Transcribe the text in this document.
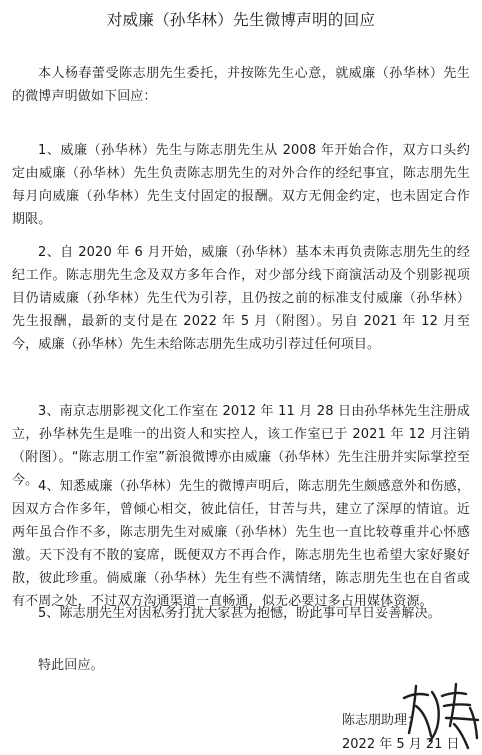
对威廉（孙华林）先生微博声明的回应

本人杨春蕾受陈志朋先生委托，并按陈先生心意，就威廉（孙华林）先生的微博声明做如下回应：

1、威廉（孙华林）先生与陈志朋先生从 2008 年开始合作，双方口头约定由威廉（孙华林）先生负责陈志朋先生的对外合作的经纪事宜，陈志朋先生每月向威廉（孙华林）先生支付固定的报酬。双方无佣金约定，也未固定合作期限。

2、自 2020 年 6 月开始，威廉（孙华林）基本未再负责陈志朋先生的经纪工作。陈志朋先生念及双方多年合作，对少部分线下商演活动及个别影视项目仍请威廉（孙华林）先生代为引荐，且仍按之前的标准支付威廉（孙华林）先生报酬，最新的支付是在 2022 年 5 月（附图）。另自 2021 年 12 月至今，威廉（孙华林）先生未给陈志朋先生成功引荐过任何项目。

3、南京志朋影视文化工作室在 2012 年 11 月 28 日由孙华林先生注册成立，孙华林先生是唯一的出资人和实控人，该工作室已于 2021 年 12 月注销（附图）。“陈志朋工作室”新浪微博亦由威廉（孙华林）先生注册并实际掌控至今。 4、知悉威廉（孙华林）先生的微博声明后，陈志朋先生颇感意外和伤感，因双方合作多年，曾倾心相交，彼此信任，甘苦与共，建立了深厚的情谊。近两年虽合作不多，陈志朋先生对威廉（孙华林）先生也一直比较尊重并心怀感激。天下没有不散的宴席，既便双方不再合作，陈志朋先生也希望大家好聚好散，彼此珍重。倘威廉（孙华林）先生有些不满情绪，陈志朋先生也在自省或有不周之处，不过双方沟通渠道一直畅通，似无必要过多占用媒体资源。

5、陈志朋先生对因私务打扰大家甚为抱憾，盼此事可早日妥善解决。

特此回应。

陈志朋助理：
2022 年 5 月 21 日
